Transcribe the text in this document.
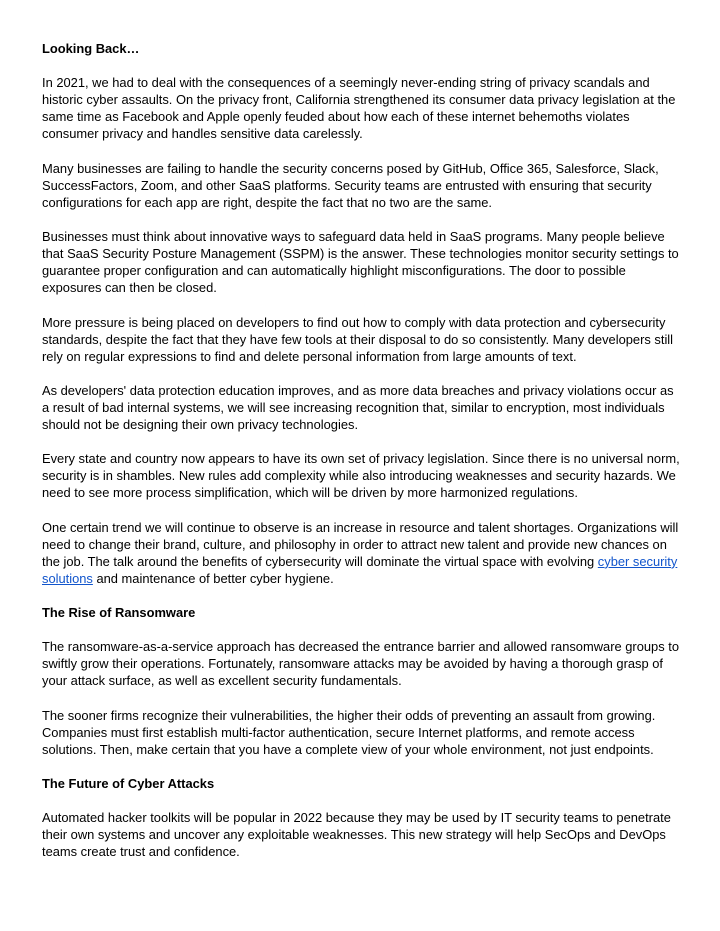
Looking Back…

In 2021, we had to deal with the consequences of a seemingly never-ending string of privacy scandals and historic cyber assaults. On the privacy front, California strengthened its consumer data privacy legislation at the same time as Facebook and Apple openly feuded about how each of these internet behemoths violates consumer privacy and handles sensitive data carelessly.

Many businesses are failing to handle the security concerns posed by GitHub, Office 365, Salesforce, Slack, SuccessFactors, Zoom, and other SaaS platforms. Security teams are entrusted with ensuring that security configurations for each app are right, despite the fact that no two are the same.

Businesses must think about innovative ways to safeguard data held in SaaS programs. Many people believe that SaaS Security Posture Management (SSPM) is the answer. These technologies monitor security settings to guarantee proper configuration and can automatically highlight misconfigurations. The door to possible exposures can then be closed.

More pressure is being placed on developers to find out how to comply with data protection and cybersecurity standards, despite the fact that they have few tools at their disposal to do so consistently. Many developers still rely on regular expressions to find and delete personal information from large amounts of text.

As developers' data protection education improves, and as more data breaches and privacy violations occur as a result of bad internal systems, we will see increasing recognition that, similar to encryption, most individuals should not be designing their own privacy technologies.

Every state and country now appears to have its own set of privacy legislation. Since there is no universal norm, security is in shambles. New rules add complexity while also introducing weaknesses and security hazards. We need to see more process simplification, which will be driven by more harmonized regulations.

One certain trend we will continue to observe is an increase in resource and talent shortages. Organizations will need to change their brand, culture, and philosophy in order to attract new talent and provide new chances on the job. The talk around the benefits of cybersecurity will dominate the virtual space with evolving cyber security solutions and maintenance of better cyber hygiene.

The Rise of Ransomware

The ransomware-as-a-service approach has decreased the entrance barrier and allowed ransomware groups to swiftly grow their operations. Fortunately, ransomware attacks may be avoided by having a thorough grasp of your attack surface, as well as excellent security fundamentals.

The sooner firms recognize their vulnerabilities, the higher their odds of preventing an assault from growing. Companies must first establish multi-factor authentication, secure Internet platforms, and remote access solutions. Then, make certain that you have a complete view of your whole environment, not just endpoints.

The Future of Cyber Attacks

Automated hacker toolkits will be popular in 2022 because they may be used by IT security teams to penetrate their own systems and uncover any exploitable weaknesses. This new strategy will help SecOps and DevOps teams create trust and confidence.
